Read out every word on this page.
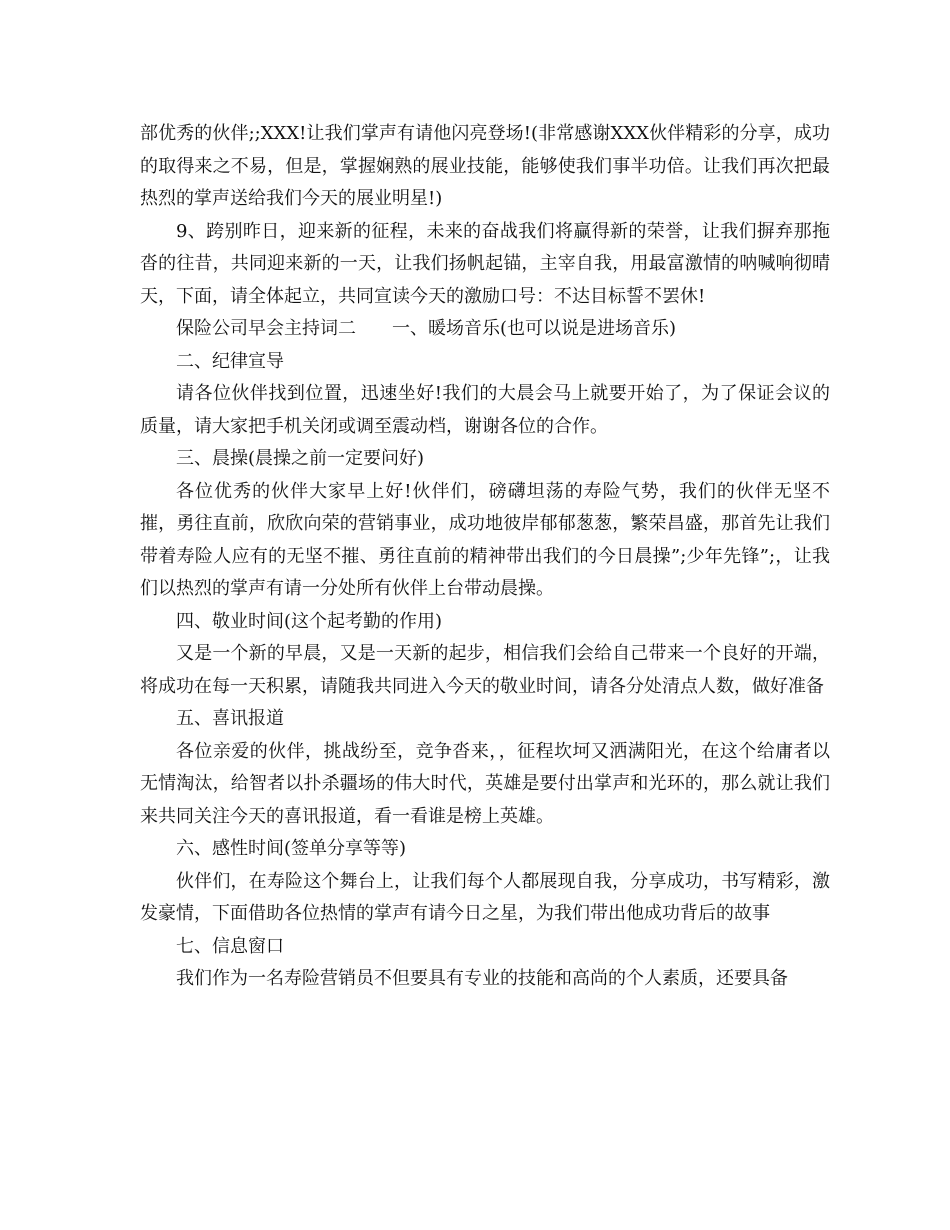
部优秀的伙伴;;XXX!让我们掌声有请他闪亮登场!(非常感谢XXX伙伴精彩的分享，成功的取得来之不易，但是，掌握娴熟的展业技能，能够使我们事半功倍。让我们再次把最热烈的掌声送给我们今天的展业明星!)

9、跨别昨日，迎来新的征程，未来的奋战我们将赢得新的荣誉，让我们摒弃那拖沓的往昔，共同迎来新的一天，让我们扬帆起锚，主宰自我，用最富激情的呐喊响彻晴天，下面，请全体起立，共同宣读今天的激励口号：不达目标誓不罢休!

保险公司早会主持词二　　一、暖场音乐(也可以说是进场音乐)

二、纪律宣导

请各位伙伴找到位置，迅速坐好!我们的大晨会马上就要开始了，为了保证会议的质量，请大家把手机关闭或调至震动档，谢谢各位的合作。

三、晨操(晨操之前一定要问好)

各位优秀的伙伴大家早上好!伙伴们，磅礴坦荡的寿险气势，我们的伙伴无坚不摧，勇往直前，欣欣向荣的营销事业，成功地彼岸郁郁葱葱，繁荣昌盛，那首先让我们带着寿险人应有的无坚不摧、勇往直前的精神带出我们的今日晨操”;少年先锋”;，让我们以热烈的掌声有请一分处所有伙伴上台带动晨操。

四、敬业时间(这个起考勤的作用)

又是一个新的早晨，又是一天新的起步，相信我们会给自己带来一个良好的开端，将成功在每一天积累，请随我共同进入今天的敬业时间，请各分处清点人数，做好准备

五、喜讯报道

各位亲爱的伙伴，挑战纷至，竞争沓来，，征程坎坷又洒满阳光，在这个给庸者以无情淘汰，给智者以扑杀疆场的伟大时代，英雄是要付出掌声和光环的，那么就让我们来共同关注今天的喜讯报道，看一看谁是榜上英雄。

六、感性时间(签单分享等等)

伙伴们，在寿险这个舞台上，让我们每个人都展现自我，分享成功，书写精彩，激发豪情，下面借助各位热情的掌声有请今日之星，为我们带出他成功背后的故事

七、信息窗口

我们作为一名寿险营销员不但要具有专业的技能和高尚的个人素质，还要具备
